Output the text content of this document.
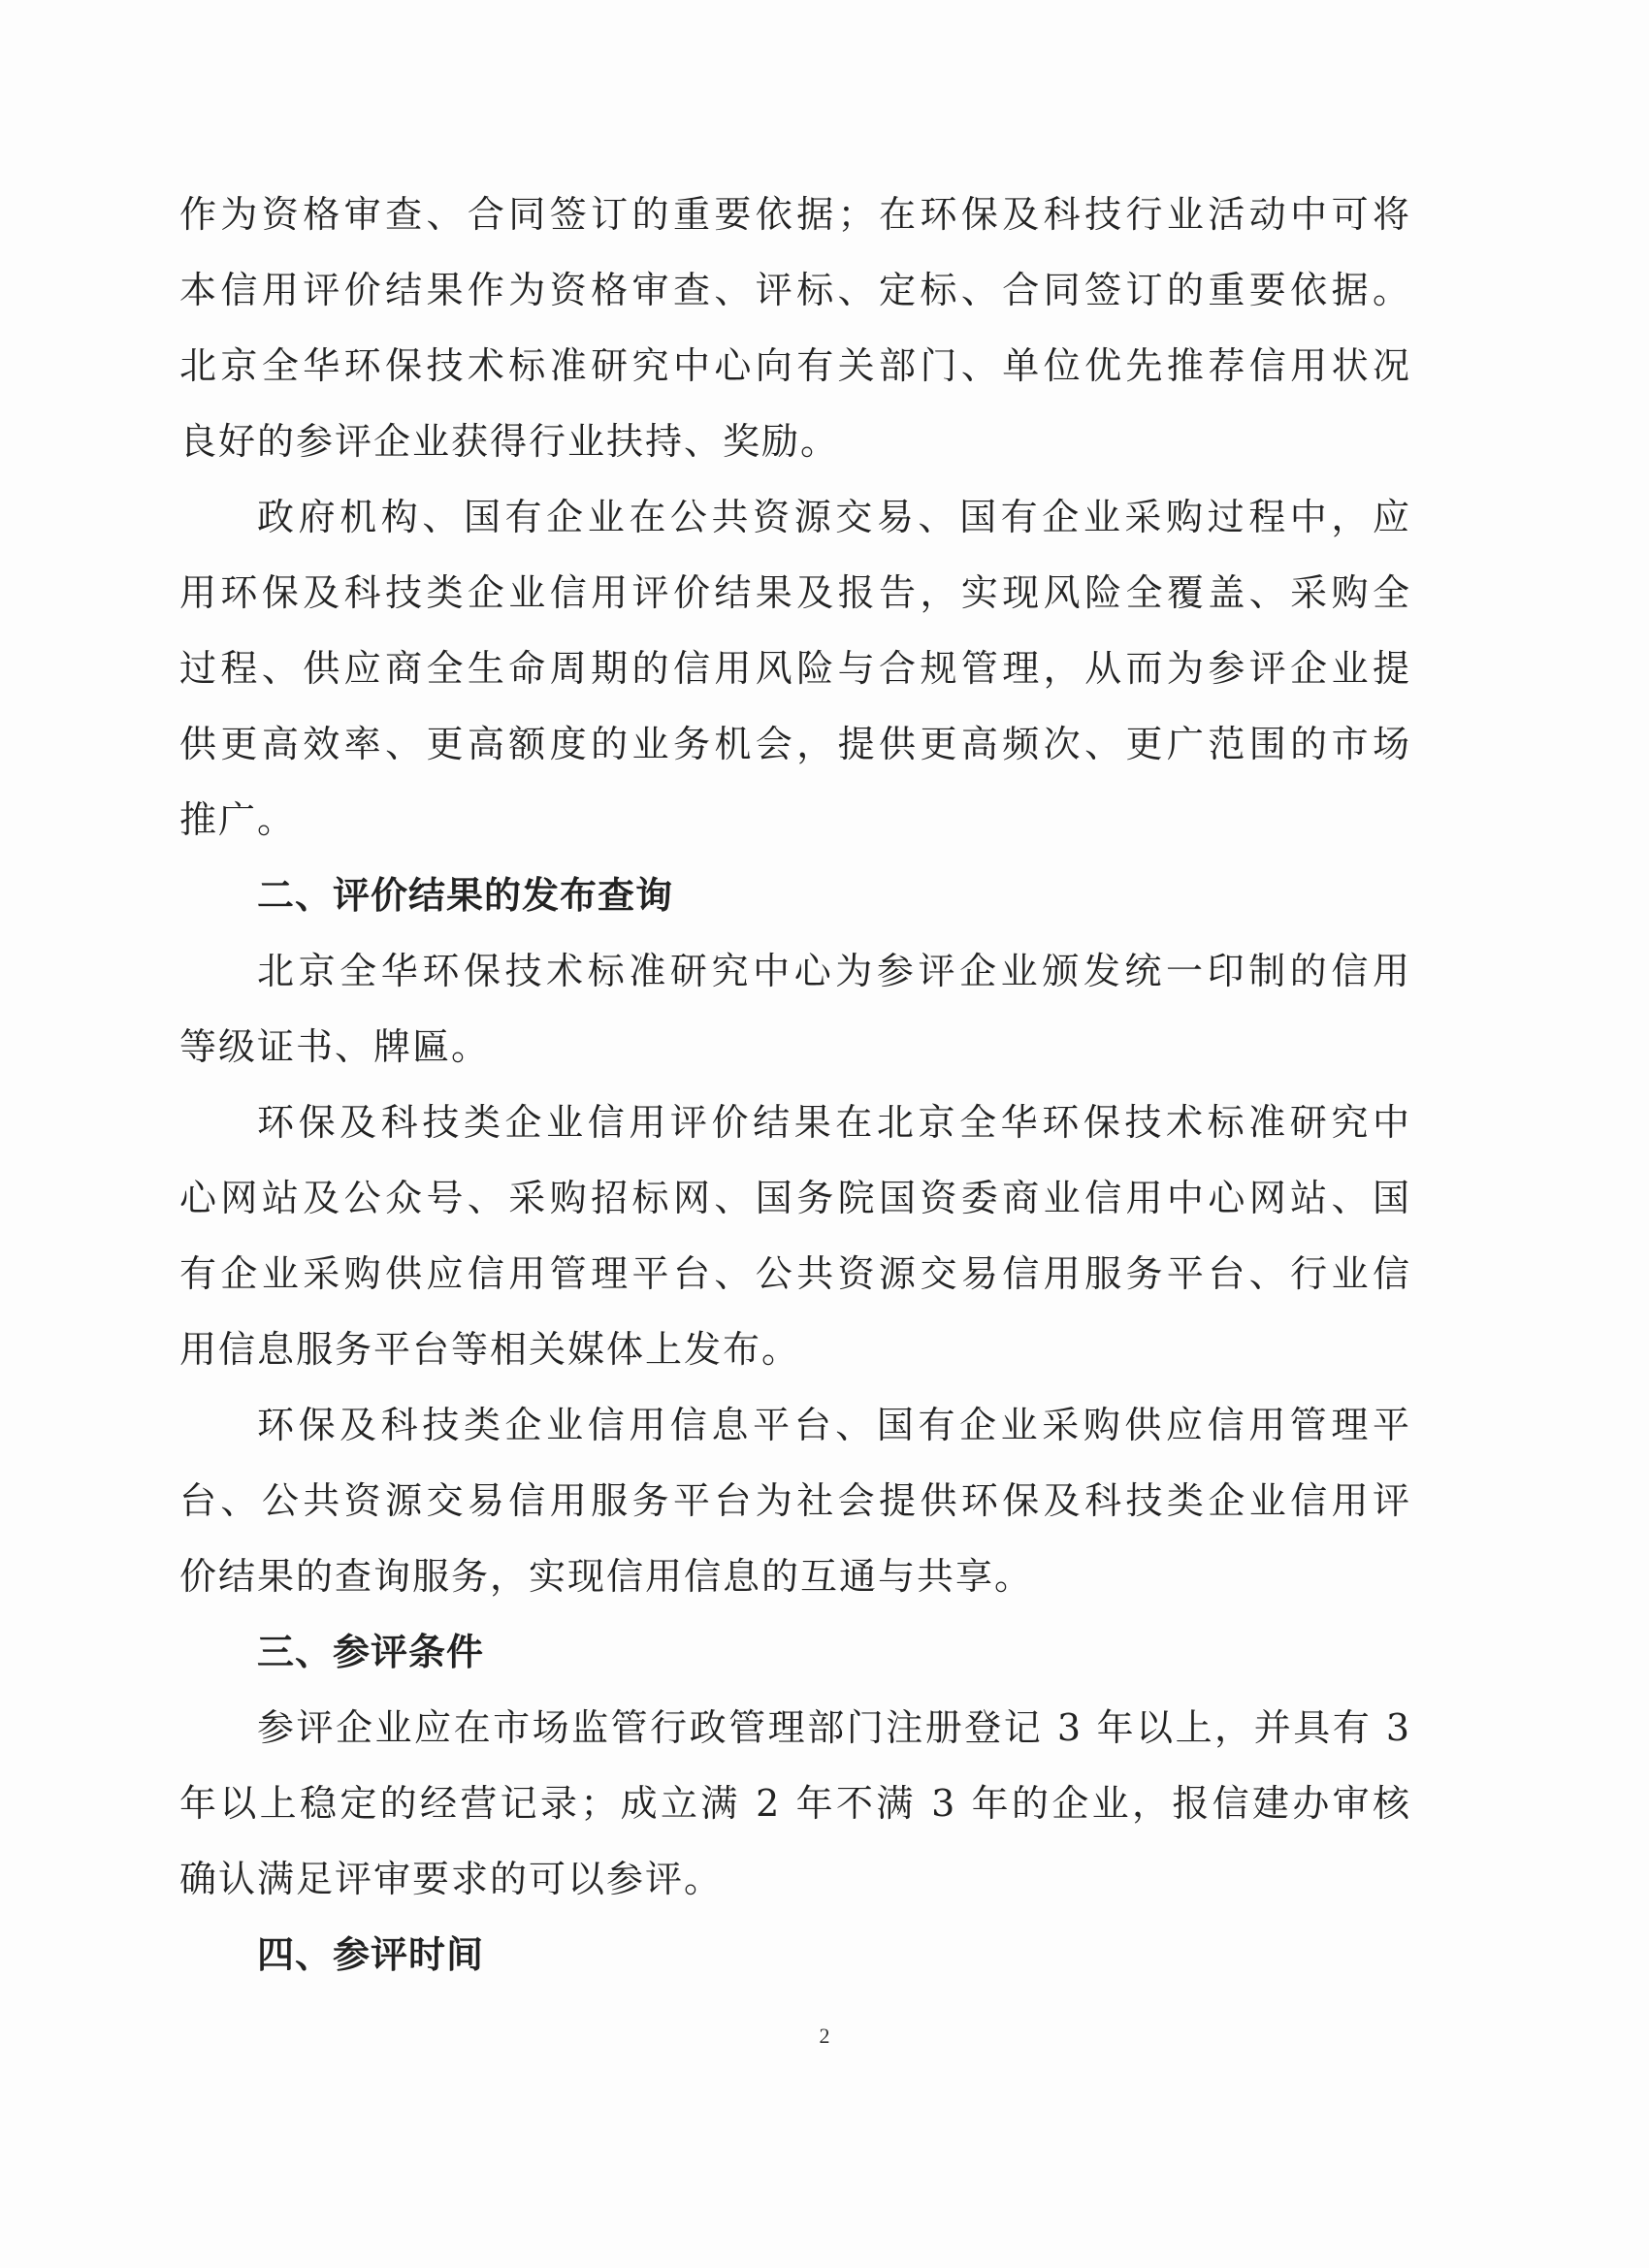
作为资格审查、合同签订的重要依据；在环保及科技行业活动中可将
本信用评价结果作为资格审查、评标、定标、合同签订的重要依据。
北京全华环保技术标准研究中心向有关部门、单位优先推荐信用状况
良好的参评企业获得行业扶持、奖励。
政府机构、国有企业在公共资源交易、国有企业采购过程中，应
用环保及科技类企业信用评价结果及报告，实现风险全覆盖、采购全
过程、供应商全生命周期的信用风险与合规管理，从而为参评企业提
供更高效率、更高额度的业务机会，提供更高频次、更广范围的市场
推广。
二、评价结果的发布查询
北京全华环保技术标准研究中心为参评企业颁发统一印制的信用
等级证书、牌匾。
环保及科技类企业信用评价结果在北京全华环保技术标准研究中
心网站及公众号、采购招标网、国务院国资委商业信用中心网站、国
有企业采购供应信用管理平台、公共资源交易信用服务平台、行业信
用信息服务平台等相关媒体上发布。
环保及科技类企业信用信息平台、国有企业采购供应信用管理平
台、公共资源交易信用服务平台为社会提供环保及科技类企业信用评
价结果的查询服务，实现信用信息的互通与共享。
三、参评条件
参评企业应在市场监管行政管理部门注册登记 3 年以上，并具有 3
年以上稳定的经营记录；成立满 2 年不满 3 年的企业，报信建办审核
确认满足评审要求的可以参评。
四、参评时间
2
